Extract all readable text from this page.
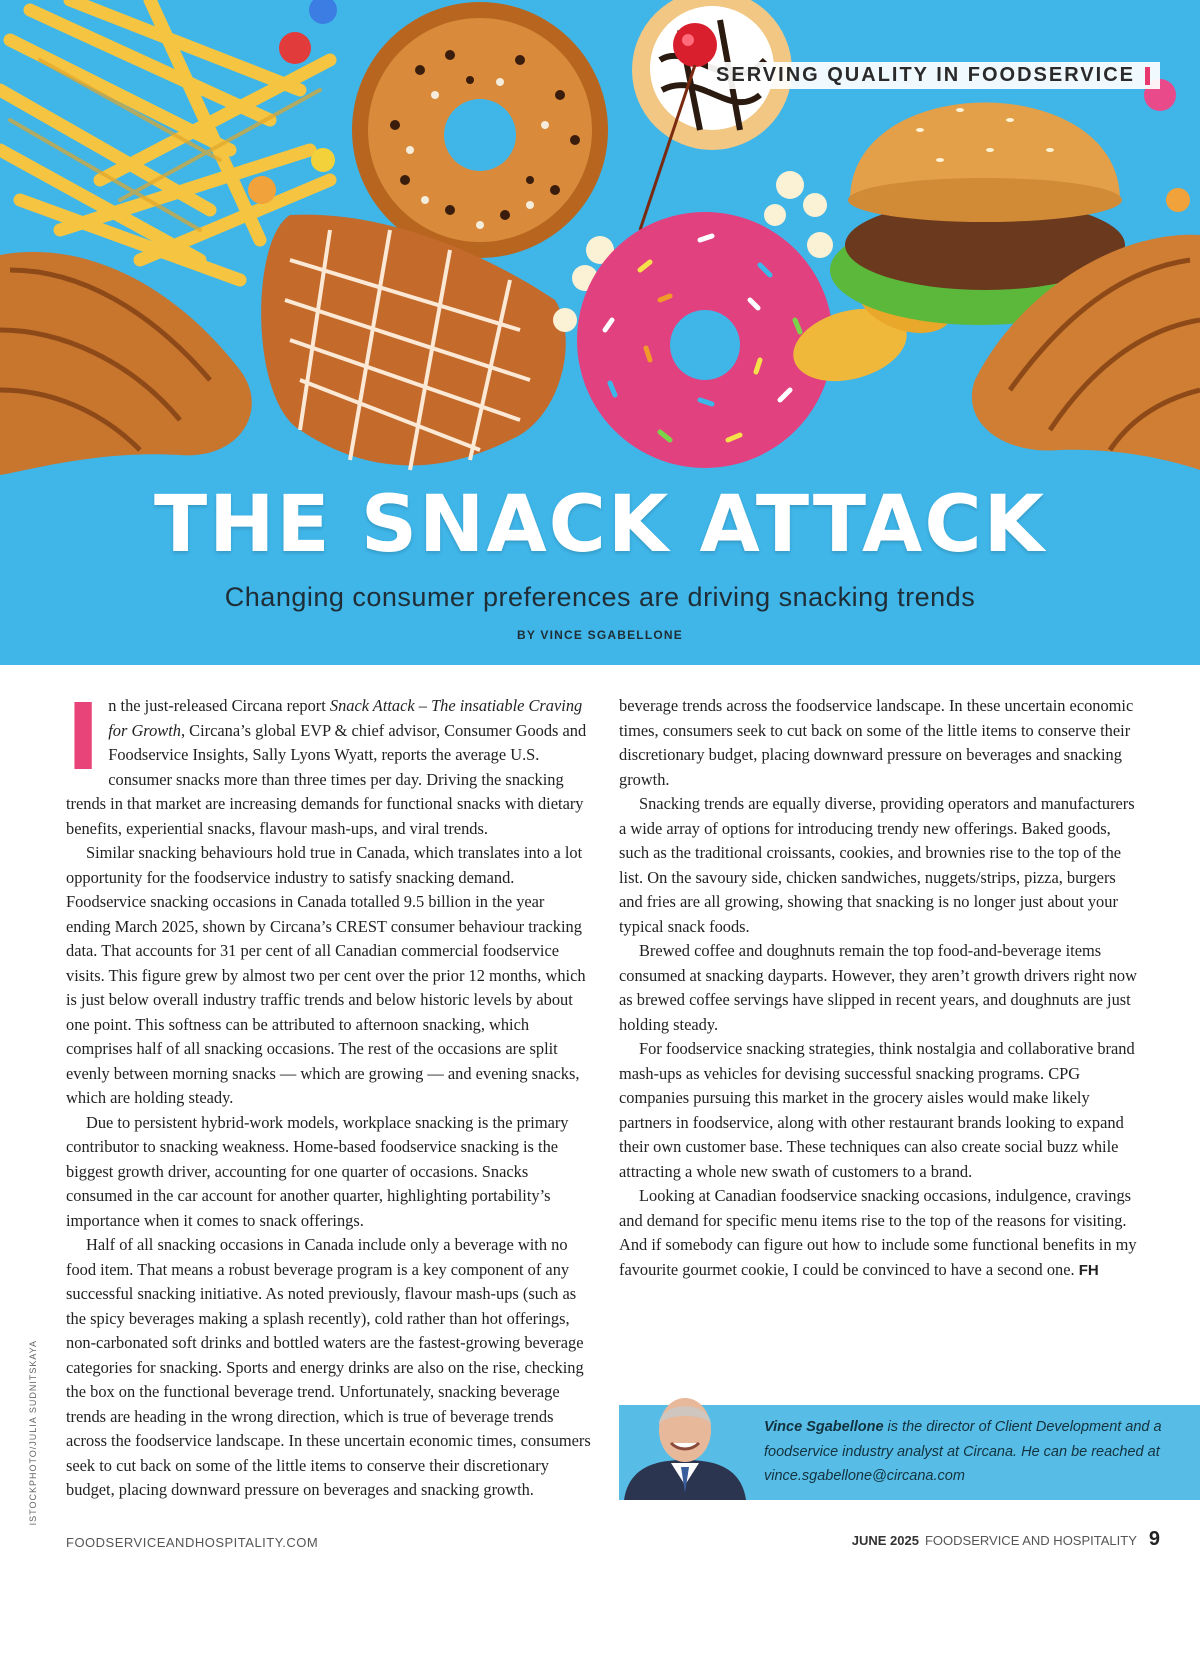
SERVING QUALITY IN FOODSERVICE
THE SNACK ATTACK

Changing consumer preferences are driving snacking trends

BY VINCE SGABELLONE

In the just-released Circana report Snack Attack – The insatiable Craving for Growth, Circana’s global EVP & chief advisor, Consumer Goods and Foodservice Insights, Sally Lyons Wyatt, reports the average U.S. consumer snacks more than three times per day. Driving the snacking trends in that market are increasing demands for functional snacks with dietary benefits, experiential snacks, flavour mash-ups, and viral trends.

Similar snacking behaviours hold true in Canada, which translates into a lot opportunity for the foodservice industry to satisfy snacking demand. Foodservice snacking occasions in Canada totalled 9.5 billion in the year ending March 2025, shown by Circana’s CREST consumer behaviour tracking data. That accounts for 31 per cent of all Canadian commercial foodservice visits. This figure grew by almost two per cent over the prior 12 months, which is just below overall industry traffic trends and below historic levels by about one point. This softness can be attributed to afternoon snacking, which comprises half of all snacking occasions. The rest of the occasions are split evenly between morning snacks — which are growing — and evening snacks, which are holding steady.

Due to persistent hybrid-work models, workplace snacking is the primary contributor to snacking weakness. Home-based foodservice snacking is the biggest growth driver, accounting for one quarter of occasions. Snacks consumed in the car account for another quarter, highlighting portability’s importance when it comes to snack offerings.

Half of all snacking occasions in Canada include only a beverage with no food item. That means a robust beverage program is a key component of any successful snacking initiative. As noted previously, flavour mash-ups (such as the spicy beverages making a splash recently), cold rather than hot offerings, non-carbonated soft drinks and bottled waters are the fastest-growing beverage categories for snacking. Sports and energy drinks are also on the rise, checking the box on the functional beverage trend. Unfortunately, snacking beverage trends are heading in the wrong direction, which is true of beverage trends across the foodservice landscape. In these uncertain economic times, consumers seek to cut back on some of the little items to conserve their discretionary budget, placing downward pressure on beverages and snacking growth.

beverage trends across the foodservice landscape. In these uncertain economic times, consumers seek to cut back on some of the little items to conserve their discretionary budget, placing downward pressure on beverages and snacking growth.

Snacking trends are equally diverse, providing operators and manufacturers a wide array of options for introducing trendy new offerings. Baked goods, such as the traditional croissants, cookies, and brownies rise to the top of the list. On the savoury side, chicken sandwiches, nuggets/strips, pizza, burgers and fries are all growing, showing that snacking is no longer just about your typical snack foods.

Brewed coffee and doughnuts remain the top food-and-beverage items consumed at snacking dayparts. However, they aren’t growth drivers right now as brewed coffee servings have slipped in recent years, and doughnuts are just holding steady.

For foodservice snacking strategies, think nostalgia and collaborative brand mash-ups as vehicles for devising successful snacking programs. CPG companies pursuing this market in the grocery aisles would make likely partners in foodservice, along with other restaurant brands looking to expand their own customer base. These techniques can also create social buzz while attracting a whole new swath of customers to a brand.

Looking at Canadian foodservice snacking occasions, indulgence, cravings and demand for specific menu items rise to the top of the reasons for visiting. And if somebody can figure out how to include some functional benefits in my favourite gourmet cookie, I could be convinced to have a second one. FH

Vince Sgabellone is the director of Client Development and a foodservice industry analyst at Circana. He can be reached at vince.sgabellone@circana.com
ISTOCKPHOTO/JULIA SUDNITSKAYA
FOODSERVICEANDHOSPITALITY.COM	JUNE 2025 FOODSERVICE AND HOSPITALITY 9
